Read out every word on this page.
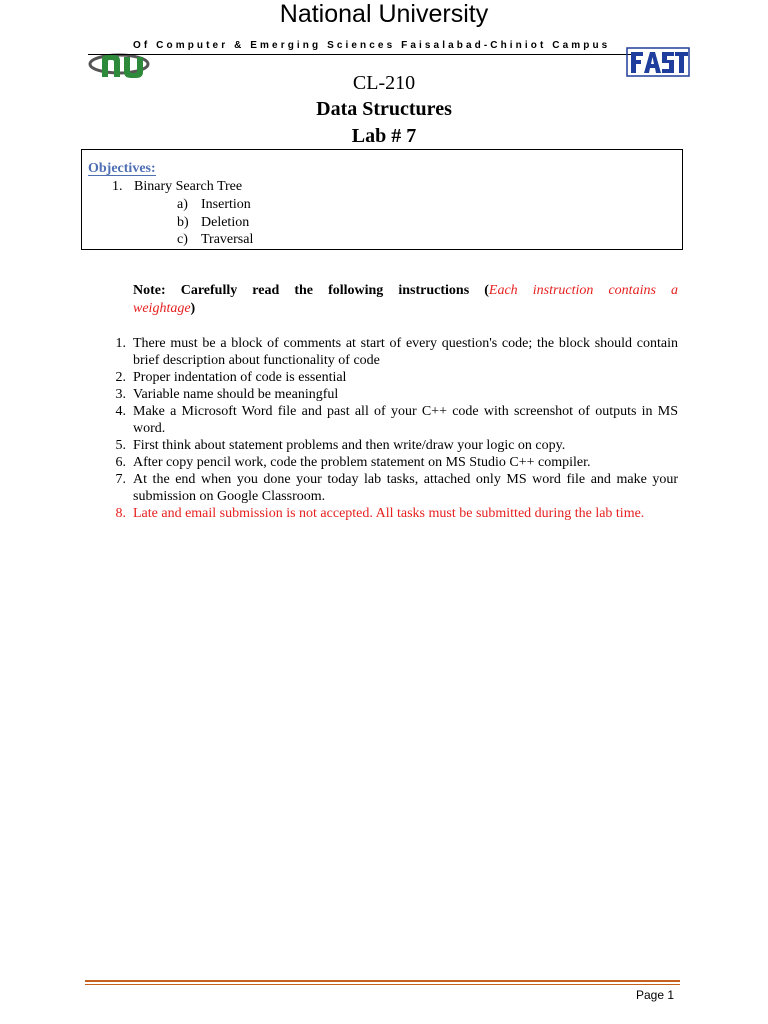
National University
Of Computer & Emerging Sciences Faisalabad-Chiniot Campus
CL-210
Data Structures
Lab # 7
Objectives:
1. Binary Search Tree
a) Insertion
b) Deletion
c) Traversal
Note: Carefully read the following instructions (Each instruction contains a
weightage)
1. There must be a block of comments at start of every question's code; the block should contain brief description about functionality of code
2. Proper indentation of code is essential
3. Variable name should be meaningful
4. Make a Microsoft Word file and past all of your C++ code with screenshot of outputs in MS word.
5. First think about statement problems and then write/draw your logic on copy.
6. After copy pencil work, code the problem statement on MS Studio C++ compiler.
7. At the end when you done your today lab tasks, attached only MS word file and make your submission on Google Classroom.
8. Late and email submission is not accepted. All tasks must be submitted during the lab time.
Page 1
